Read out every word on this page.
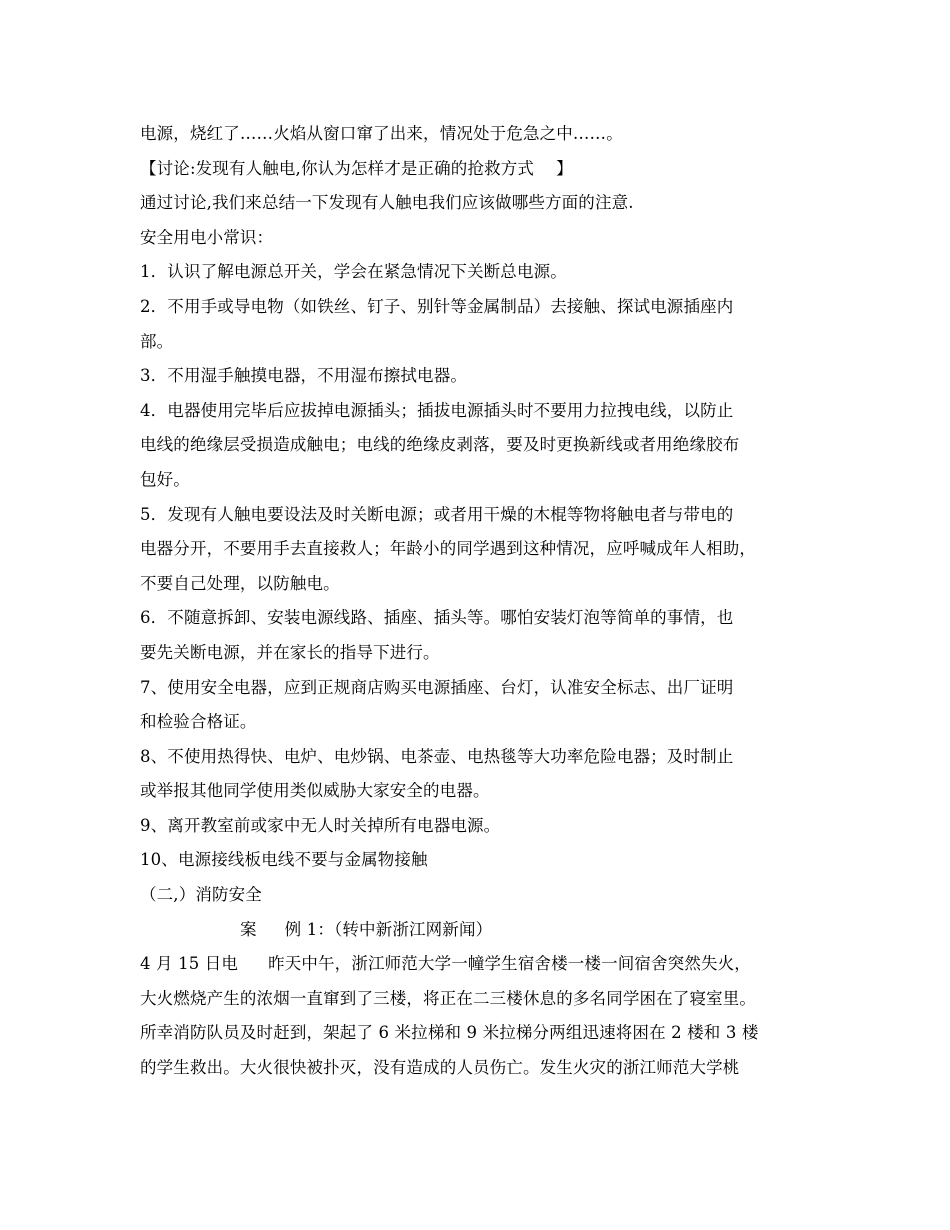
电源，烧红了……火焰从窗口窜了出来，情况处于危急之中……。
【讨论:发现有人触电,你认为怎样才是正确的抢救方式　 】
通过讨论,我们来总结一下发现有人触电我们应该做哪些方面的注意.
安全用电小常识：
1．认识了解电源总开关，学会在紧急情况下关断总电源。
2．不用手或导电物（如铁丝、钉子、别针等金属制品）去接触、探试电源插座内
部。
3．不用湿手触摸电器，不用湿布擦拭电器。
4．电器使用完毕后应拔掉电源插头；插拔电源插头时不要用力拉拽电线，以防止
电线的绝缘层受损造成触电；电线的绝缘皮剥落，要及时更换新线或者用绝缘胶布
包好。
5．发现有人触电要设法及时关断电源；或者用干燥的木棍等物将触电者与带电的
电器分开，不要用手去直接救人；年龄小的同学遇到这种情况，应呼喊成年人相助，
不要自己处理，以防触电。
6．不随意拆卸、安装电源线路、插座、插头等。哪怕安装灯泡等简单的事情，也
要先关断电源，并在家长的指导下进行。
7、使用安全电器，应到正规商店购买电源插座、台灯，认准安全标志、出厂证明
和检验合格证。
8、不使用热得快、电炉、电炒锅、电茶壶、电热毯等大功率危险电器；及时制止
或举报其他同学使用类似威胁大家安全的电器。
9、离开教室前或家中无人时关掉所有电器电源。
10、电源接线板电线不要与金属物接触
（二,）消防安全
案 例 1：（转中新浙江网新闻）
4 月 15 日电 昨天中午，浙江师范大学一幢学生宿舍楼一楼一间宿舍突然失火，
大火燃烧产生的浓烟一直窜到了三楼，将正在二三楼休息的多名同学困在了寝室里。
所幸消防队员及时赶到，架起了 6 米拉梯和 9 米拉梯分两组迅速将困在 2 楼和 3 楼
的学生救出。大火很快被扑灭，没有造成的人员伤亡。发生火灾的浙江师范大学桃
